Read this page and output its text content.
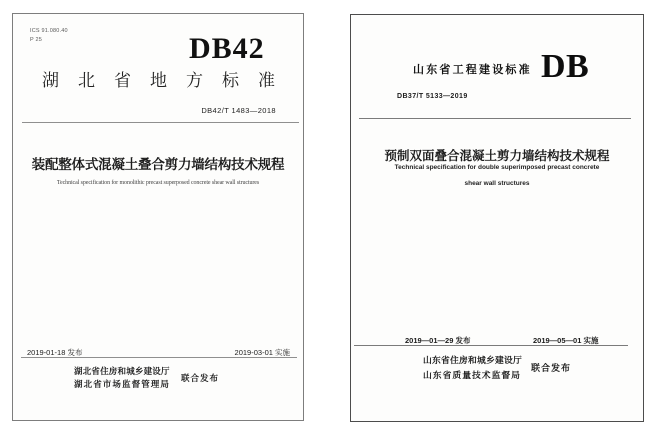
ICS 91.080.40
P 25	DB42
湖北省地方标准
DB42/T 1483—2018
装配整体式混凝土叠合剪力墙结构技术规程
Technical specification for monolithic precast superposed concrete shear wall structures
2019-01-18 发布	2019-03-01 实施
湖北省住房和城乡建设厅
湖北省市场监督管理局
联合发布
山东省工程建设标准 DB
DB37/T 5133—2019
预制双面叠合混凝土剪力墙结构技术规程
Technical specification for double superimposed precast concrete
shear wall structures
2019—01—29 发布	2019—05—01 实施
山东省住房和城乡建设厅
山东省质量技术监督局
联合发布
